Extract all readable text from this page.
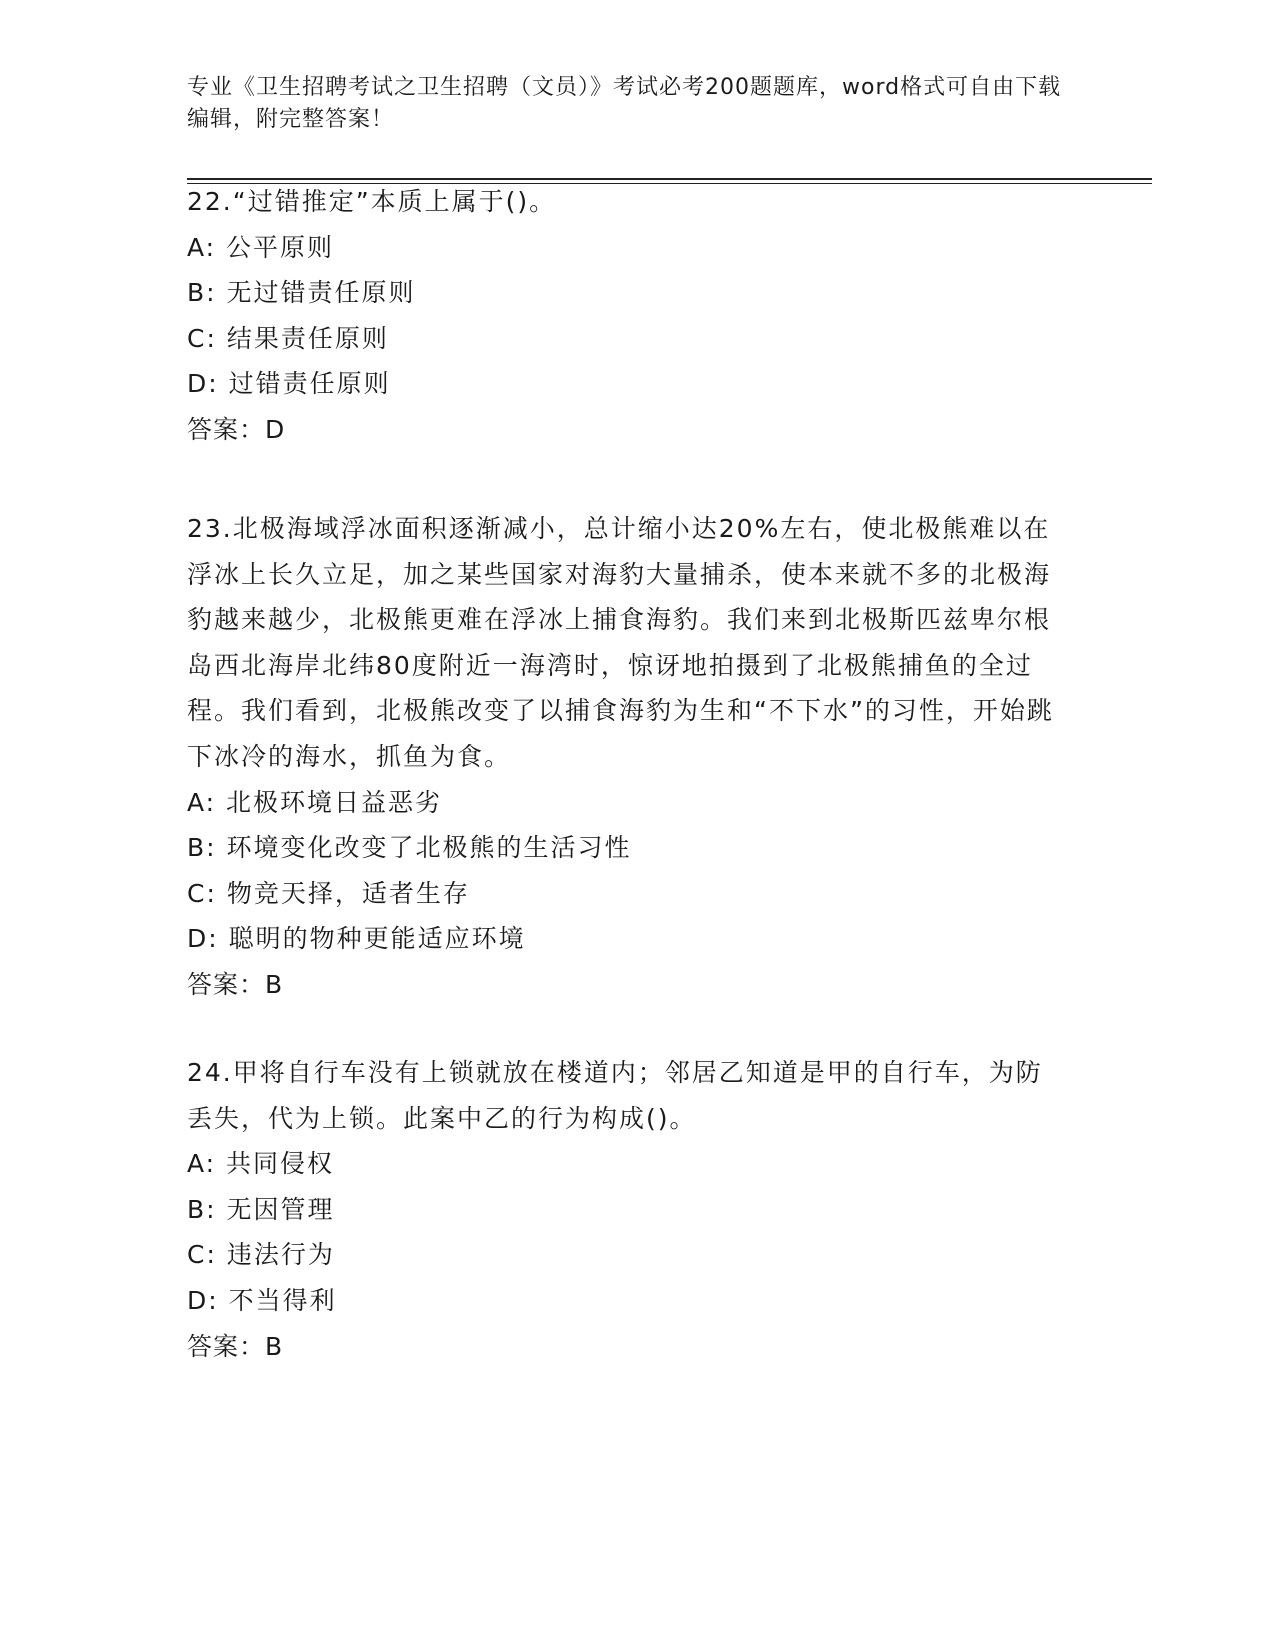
专业《卫生招聘考试之卫生招聘（文员）》考试必考200题题库，word格式可自由下载编辑，附完整答案！

22.“过错推定”本质上属于()。

A: 公平原则

B: 无过错责任原则

C: 结果责任原则

D: 过错责任原则

答案：D

23.北极海域浮冰面积逐渐减小，总计缩小达20%左右，使北极熊难以在浮冰上长久立足，加之某些国家对海豹大量捕杀，使本来就不多的北极海豹越来越少，北极熊更难在浮冰上捕食海豹。我们来到北极斯匹兹卑尔根岛西北海岸北纬80度附近一海湾时，惊讶地拍摄到了北极熊捕鱼的全过程。我们看到，北极熊改变了以捕食海豹为生和“不下水”的习性，开始跳下冰冷的海水，抓鱼为食。

A: 北极环境日益恶劣

B: 环境变化改变了北极熊的生活习性

C: 物竞天择，适者生存

D: 聪明的物种更能适应环境

答案：B

24.甲将自行车没有上锁就放在楼道内；邻居乙知道是甲的自行车，为防丢失，代为上锁。此案中乙的行为构成()。

A: 共同侵权

B: 无因管理

C: 违法行为

D: 不当得利

答案：B
